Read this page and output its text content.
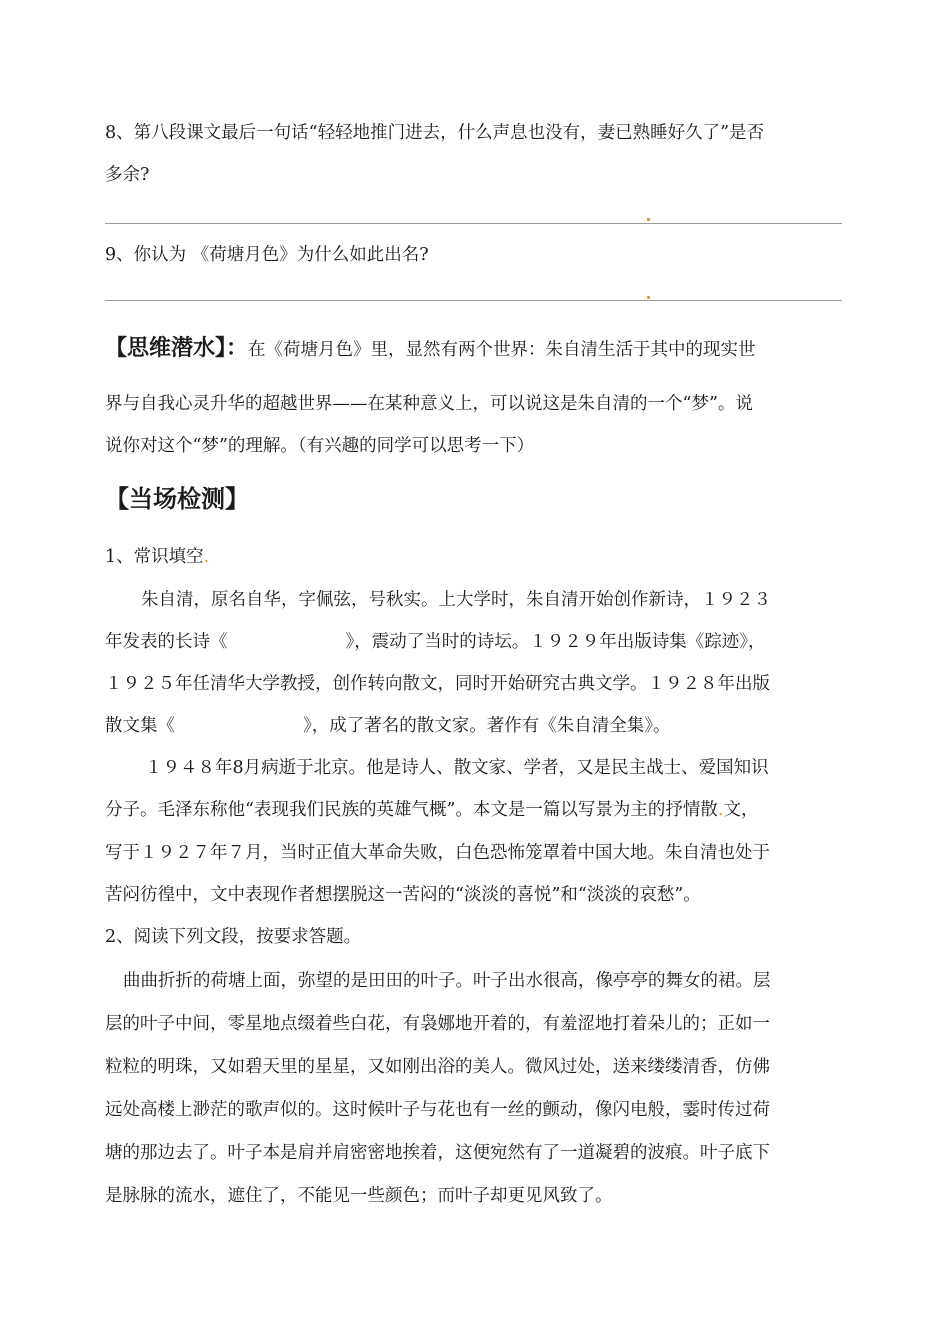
8、第八段课文最后一句话“轻轻地推门进去，什么声息也没有，妻已熟睡好久了”是否
多余?
9、你认为 《荷塘月色》为什么如此出名?
【思维潜水】：在《荷塘月色》里，显然有两个世界：朱自清生活于其中的现实世
界与自我心灵升华的超越世界——在某种意义上，可以说这是朱自清的一个“梦”。说
说你对这个“梦”的理解。（有兴趣的同学可以思考一下）
【当场检测】
1、常识填空.
朱自清，原名自华，字佩弦，号秋实。上大学时，朱自清开始创作新诗，１９２３
年发表的长诗《	》，震动了当时的诗坛。１９２９年出版诗集《踪迹》，
１９２５年任清华大学教授，创作转向散文，同时开始研究古典文学。１９２８年出版
散文集《	》，成了著名的散文家。著作有《朱自清全集》。
１９４８年8月病逝于北京。他是诗人、散文家、学者，又是民主战士、爱国知识
分子。毛泽东称他“表现我们民族的英雄气概”。本文是一篇以写景为主的抒情散.文，
写于１９２７年７月，当时正值大革命失败，白色恐怖笼罩着中国大地。朱自清也处于
苦闷彷徨中，文中表现作者想摆脱这一苦闷的“淡淡的喜悦”和“淡淡的哀愁”。
2、阅读下列文段，按要求答题。
曲曲折折的荷塘上面，弥望的是田田的叶子。叶子出水很高，像亭亭的舞女的裙。层
层的叶子中间，零星地点缀着些白花，有袅娜地开着的，有羞涩地打着朵儿的；正如一
粒粒的明珠，又如碧天里的星星，又如刚出浴的美人。微风过处，送来缕缕清香，仿佛
远处高楼上渺茫的歌声似的。这时候叶子与花也有一丝的颤动，像闪电般，霎时传过荷
塘的那边去了。叶子本是肩并肩密密地挨着，这便宛然有了一道凝碧的波痕。叶子底下
是脉脉的流水，遮住了，不能见一些颜色；而叶子却更见风致了。
